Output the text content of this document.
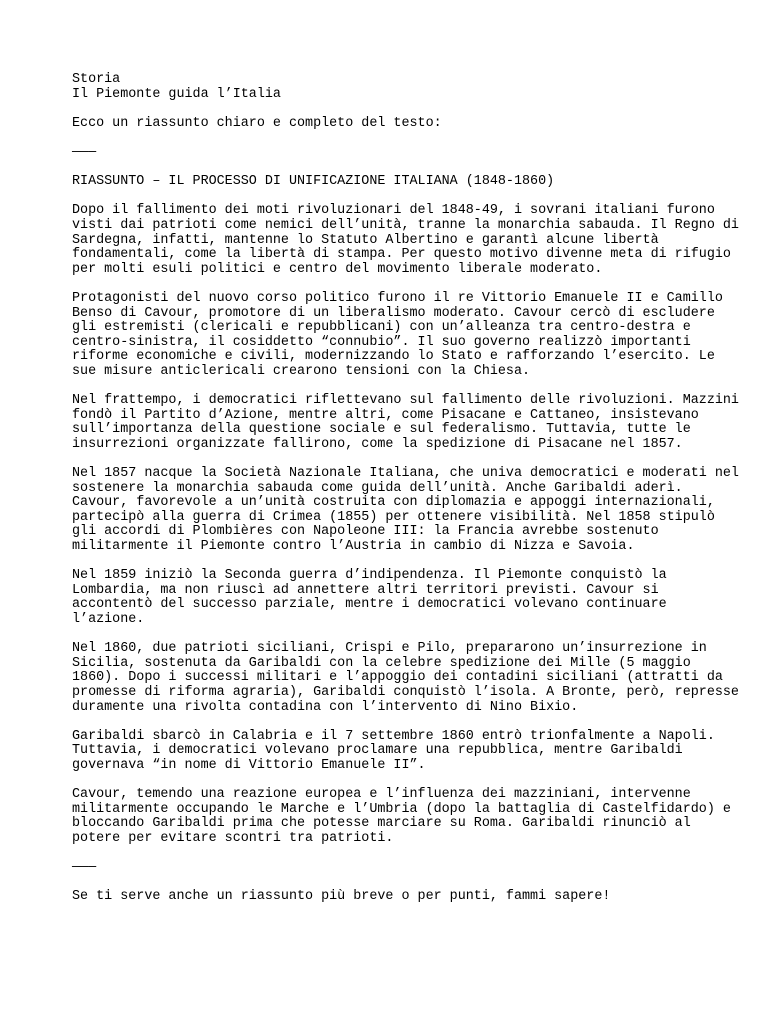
Storia
Il Piemonte guida l’Italia
Ecco un riassunto chiaro e completo del testo:
———
RIASSUNTO – IL PROCESSO DI UNIFICAZIONE ITALIANA (1848-1860)
Dopo il fallimento dei moti rivoluzionari del 1848-49, i sovrani italiani furono
visti dai patrioti come nemici dell’unità, tranne la monarchia sabauda. Il Regno di
Sardegna, infatti, mantenne lo Statuto Albertino e garantì alcune libertà
fondamentali, come la libertà di stampa. Per questo motivo divenne meta di rifugio
per molti esuli politici e centro del movimento liberale moderato.
Protagonisti del nuovo corso politico furono il re Vittorio Emanuele II e Camillo
Benso di Cavour, promotore di un liberalismo moderato. Cavour cercò di escludere
gli estremisti (clericali e repubblicani) con un’alleanza tra centro-destra e
centro-sinistra, il cosiddetto “connubio”. Il suo governo realizzò importanti
riforme economiche e civili, modernizzando lo Stato e rafforzando l’esercito. Le
sue misure anticlericali crearono tensioni con la Chiesa.
Nel frattempo, i democratici riflettevano sul fallimento delle rivoluzioni. Mazzini
fondò il Partito d’Azione, mentre altri, come Pisacane e Cattaneo, insistevano
sull’importanza della questione sociale e sul federalismo. Tuttavia, tutte le
insurrezioni organizzate fallirono, come la spedizione di Pisacane nel 1857.
Nel 1857 nacque la Società Nazionale Italiana, che univa democratici e moderati nel
sostenere la monarchia sabauda come guida dell’unità. Anche Garibaldi aderì.
Cavour, favorevole a un’unità costruita con diplomazia e appoggi internazionali,
partecipò alla guerra di Crimea (1855) per ottenere visibilità. Nel 1858 stipulò
gli accordi di Plombières con Napoleone III: la Francia avrebbe sostenuto
militarmente il Piemonte contro l’Austria in cambio di Nizza e Savoia.
Nel 1859 iniziò la Seconda guerra d’indipendenza. Il Piemonte conquistò la
Lombardia, ma non riuscì ad annettere altri territori previsti. Cavour si
accontentò del successo parziale, mentre i democratici volevano continuare
l’azione.
Nel 1860, due patrioti siciliani, Crispi e Pilo, prepararono un’insurrezione in
Sicilia, sostenuta da Garibaldi con la celebre spedizione dei Mille (5 maggio
1860). Dopo i successi militari e l’appoggio dei contadini siciliani (attratti da
promesse di riforma agraria), Garibaldi conquistò l’isola. A Bronte, però, represse
duramente una rivolta contadina con l’intervento di Nino Bixio.
Garibaldi sbarcò in Calabria e il 7 settembre 1860 entrò trionfalmente a Napoli.
Tuttavia, i democratici volevano proclamare una repubblica, mentre Garibaldi
governava “in nome di Vittorio Emanuele II”.
Cavour, temendo una reazione europea e l’influenza dei mazziniani, intervenne
militarmente occupando le Marche e l’Umbria (dopo la battaglia di Castelfidardo) e
bloccando Garibaldi prima che potesse marciare su Roma. Garibaldi rinunciò al
potere per evitare scontri tra patrioti.
———
Se ti serve anche un riassunto più breve o per punti, fammi sapere!
